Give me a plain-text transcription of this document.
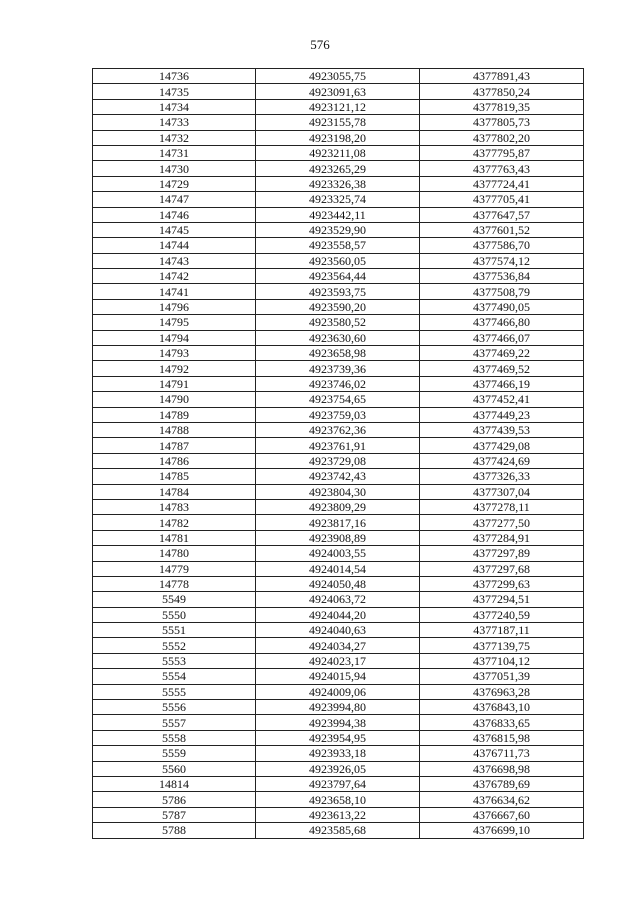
576
14736	4923055,75	4377891,43
14735	4923091,63	4377850,24
14734	4923121,12	4377819,35
14733	4923155,78	4377805,73
14732	4923198,20	4377802,20
14731	4923211,08	4377795,87
14730	4923265,29	4377763,43
14729	4923326,38	4377724,41
14747	4923325,74	4377705,41
14746	4923442,11	4377647,57
14745	4923529,90	4377601,52
14744	4923558,57	4377586,70
14743	4923560,05	4377574,12
14742	4923564,44	4377536,84
14741	4923593,75	4377508,79
14796	4923590,20	4377490,05
14795	4923580,52	4377466,80
14794	4923630,60	4377466,07
14793	4923658,98	4377469,22
14792	4923739,36	4377469,52
14791	4923746,02	4377466,19
14790	4923754,65	4377452,41
14789	4923759,03	4377449,23
14788	4923762,36	4377439,53
14787	4923761,91	4377429,08
14786	4923729,08	4377424,69
14785	4923742,43	4377326,33
14784	4923804,30	4377307,04
14783	4923809,29	4377278,11
14782	4923817,16	4377277,50
14781	4923908,89	4377284,91
14780	4924003,55	4377297,89
14779	4924014,54	4377297,68
14778	4924050,48	4377299,63
5549	4924063,72	4377294,51
5550	4924044,20	4377240,59
5551	4924040,63	4377187,11
5552	4924034,27	4377139,75
5553	4924023,17	4377104,12
5554	4924015,94	4377051,39
5555	4924009,06	4376963,28
5556	4923994,80	4376843,10
5557	4923994,38	4376833,65
5558	4923954,95	4376815,98
5559	4923933,18	4376711,73
5560	4923926,05	4376698,98
14814	4923797,64	4376789,69
5786	4923658,10	4376634,62
5787	4923613,22	4376667,60
5788	4923585,68	4376699,10
